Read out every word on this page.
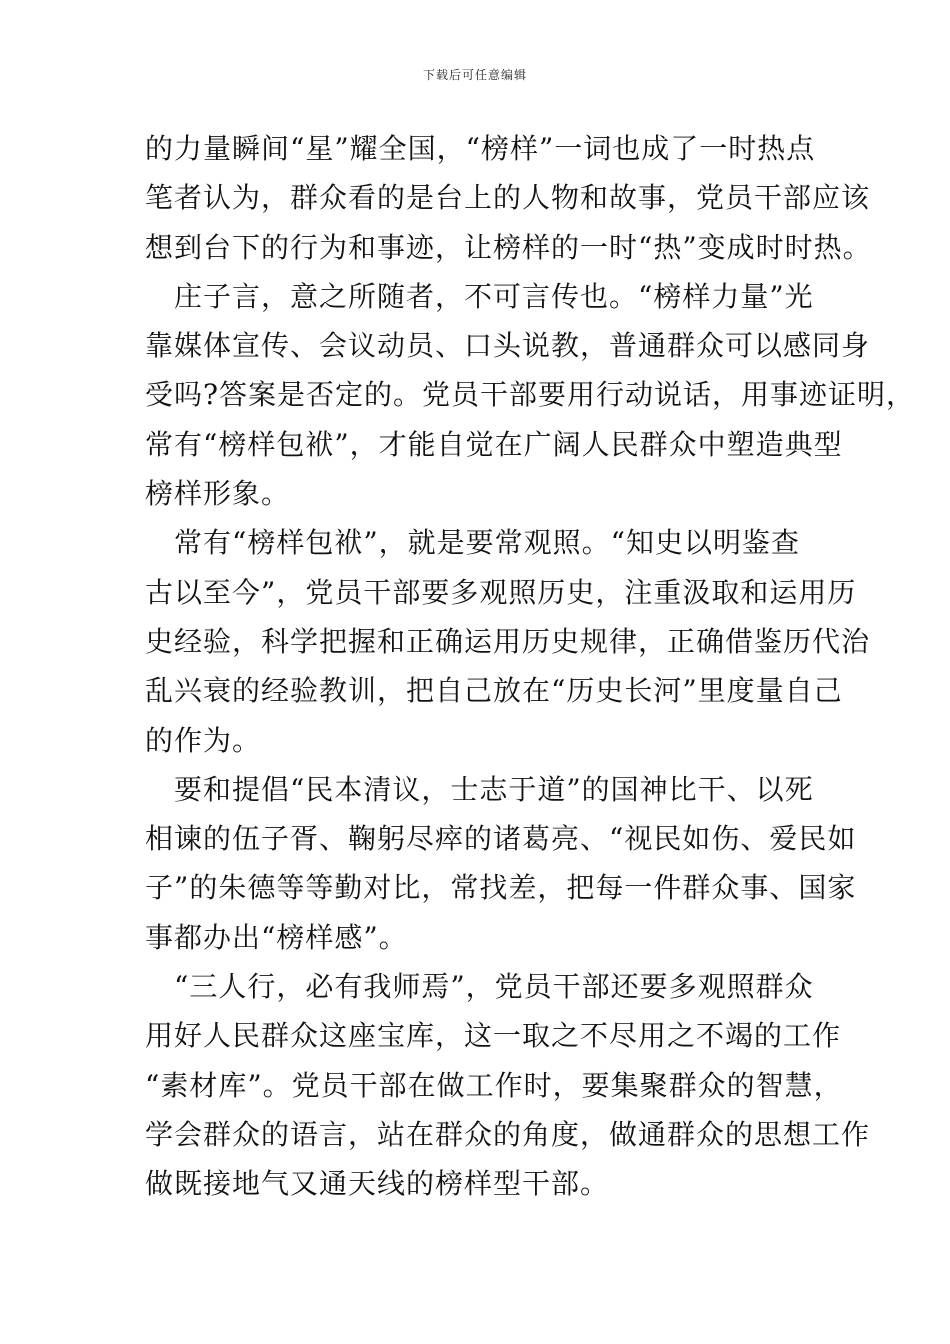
下载后可任意编辑
的力量瞬间“星”耀全国，“榜样”一词也成了一时热点
笔者认为，群众看的是台上的人物和故事，党员干部应该
想到台下的行为和事迹，让榜样的一时“热”变成时时热。
　庄子言，意之所随者，不可言传也。“榜样力量”光
靠媒体宣传、会议动员、口头说教，普通群众可以感同身
受吗?答案是否定的。党员干部要用行动说话，用事迹证明，
常有“榜样包袱”，才能自觉在广阔人民群众中塑造典型
榜样形象。
　常有“榜样包袱”，就是要常观照。“知史以明鉴查
古以至今”，党员干部要多观照历史，注重汲取和运用历
史经验，科学把握和正确运用历史规律，正确借鉴历代治
乱兴衰的经验教训，把自己放在“历史长河”里度量自己
的作为。
　要和提倡“民本清议，士志于道”的国神比干、以死
相谏的伍子胥、鞠躬尽瘁的诸葛亮、“视民如伤、爱民如
子”的朱德等等勤对比，常找差，把每一件群众事、国家
事都办出“榜样感”。
　“三人行，必有我师焉”，党员干部还要多观照群众
用好人民群众这座宝库，这一取之不尽用之不竭的工作
“素材库”。党员干部在做工作时，要集聚群众的智慧，
学会群众的语言，站在群众的角度，做通群众的思想工作
做既接地气又通天线的榜样型干部。
